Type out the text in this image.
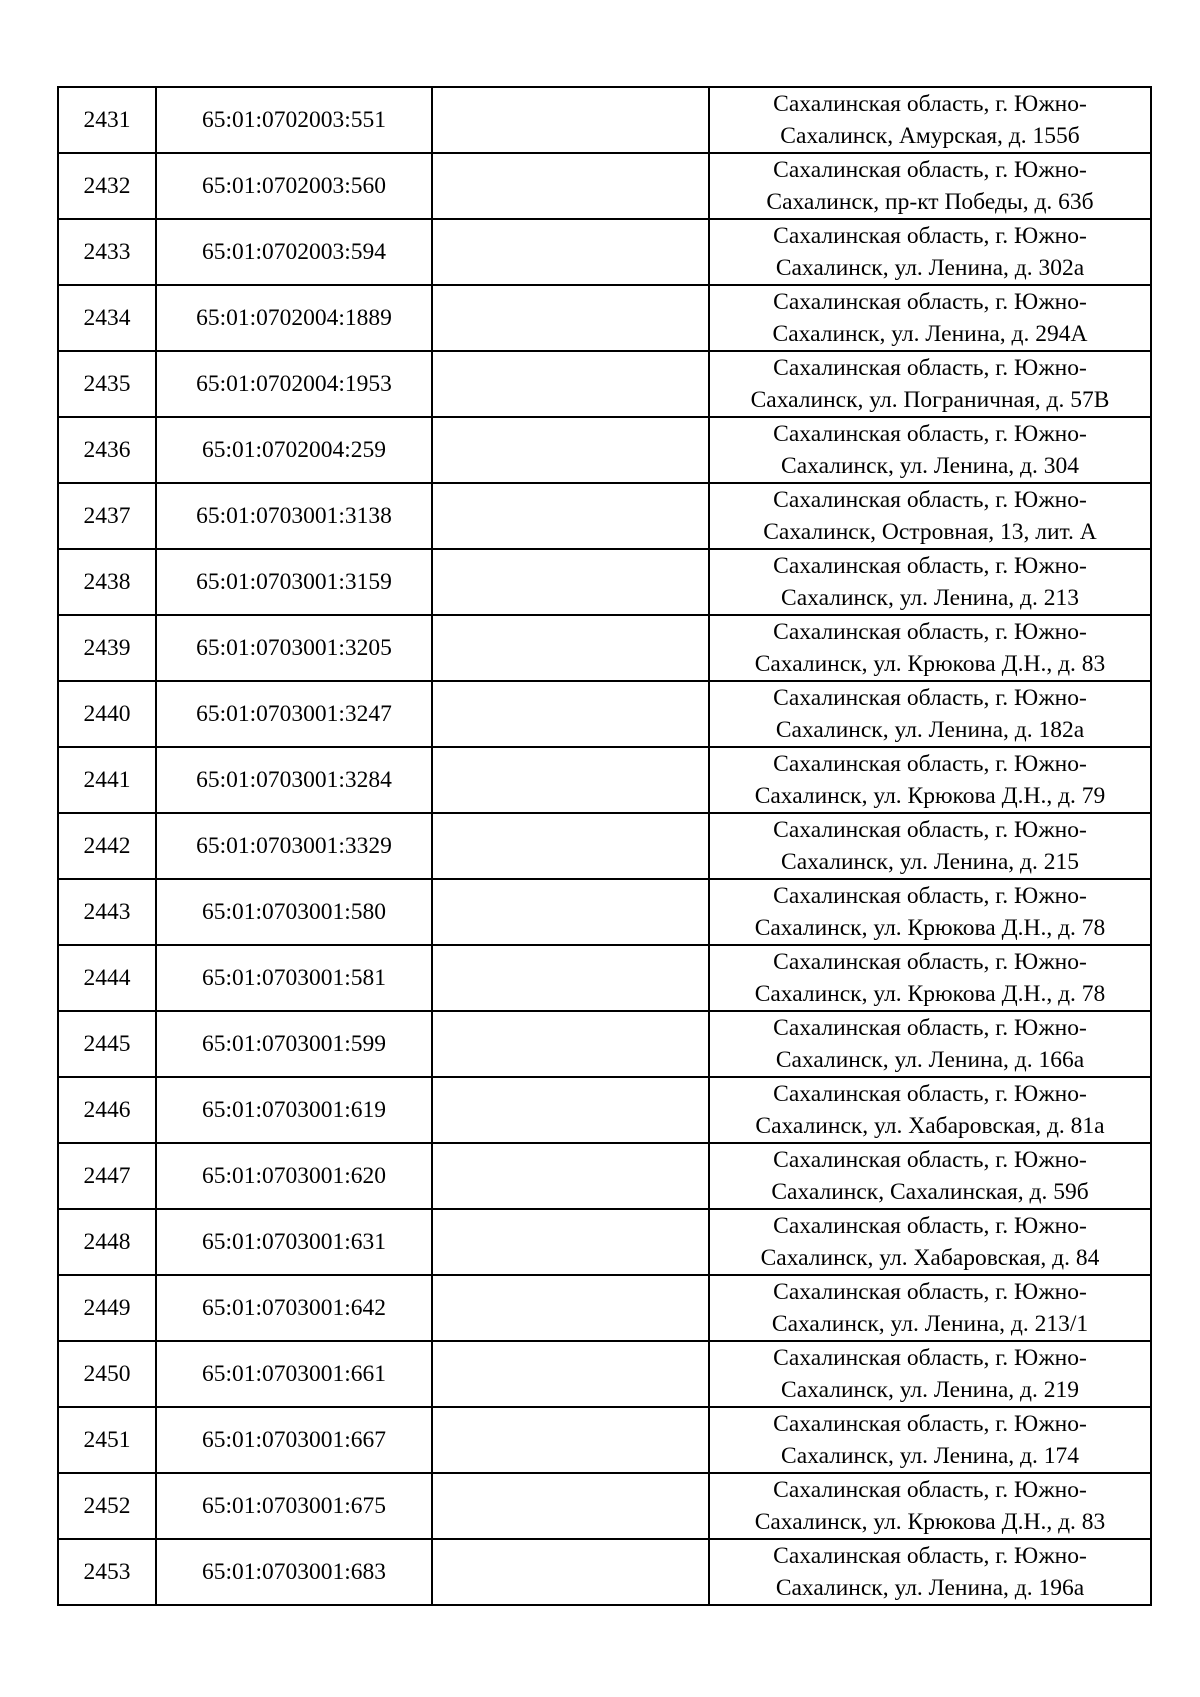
2431	65:01:0702003:551		Сахалинская область, г. Южно-
Сахалинск, Амурская, д. 155б

2432	65:01:0702003:560		Сахалинская область, г. Южно-
Сахалинск, пр-кт Победы, д. 63б

2433	65:01:0702003:594		Сахалинская область, г. Южно-
Сахалинск, ул. Ленина, д. 302а

2434	65:01:0702004:1889		Сахалинская область, г. Южно-
Сахалинск, ул. Ленина, д. 294А

2435	65:01:0702004:1953		Сахалинская область, г. Южно-
Сахалинск, ул. Пограничная, д. 57В

2436	65:01:0702004:259		Сахалинская область, г. Южно-
Сахалинск, ул. Ленина, д. 304

2437	65:01:0703001:3138		Сахалинская область, г. Южно-
Сахалинск, Островная, 13, лит. А

2438	65:01:0703001:3159		Сахалинская область, г. Южно-
Сахалинск, ул. Ленина, д. 213

2439	65:01:0703001:3205		Сахалинская область, г. Южно-
Сахалинск, ул. Крюкова Д.Н., д. 83

2440	65:01:0703001:3247		Сахалинская область, г. Южно-
Сахалинск, ул. Ленина, д. 182а

2441	65:01:0703001:3284		Сахалинская область, г. Южно-
Сахалинск, ул. Крюкова Д.Н., д. 79

2442	65:01:0703001:3329		Сахалинская область, г. Южно-
Сахалинск, ул. Ленина, д. 215

2443	65:01:0703001:580		Сахалинская область, г. Южно-
Сахалинск, ул. Крюкова Д.Н., д. 78

2444	65:01:0703001:581		Сахалинская область, г. Южно-
Сахалинск, ул. Крюкова Д.Н., д. 78

2445	65:01:0703001:599		Сахалинская область, г. Южно-
Сахалинск, ул. Ленина, д. 166а

2446	65:01:0703001:619		Сахалинская область, г. Южно-
Сахалинск, ул. Хабаровская, д. 81а

2447	65:01:0703001:620		Сахалинская область, г. Южно-
Сахалинск, Сахалинская, д. 59б

2448	65:01:0703001:631		Сахалинская область, г. Южно-
Сахалинск, ул. Хабаровская, д. 84

2449	65:01:0703001:642		Сахалинская область, г. Южно-
Сахалинск, ул. Ленина, д. 213/1

2450	65:01:0703001:661		Сахалинская область, г. Южно-
Сахалинск, ул. Ленина, д. 219

2451	65:01:0703001:667		Сахалинская область, г. Южно-
Сахалинск, ул. Ленина, д. 174

2452	65:01:0703001:675		Сахалинская область, г. Южно-
Сахалинск, ул. Крюкова Д.Н., д. 83

2453	65:01:0703001:683		Сахалинская область, г. Южно-
Сахалинск, ул. Ленина, д. 196а
